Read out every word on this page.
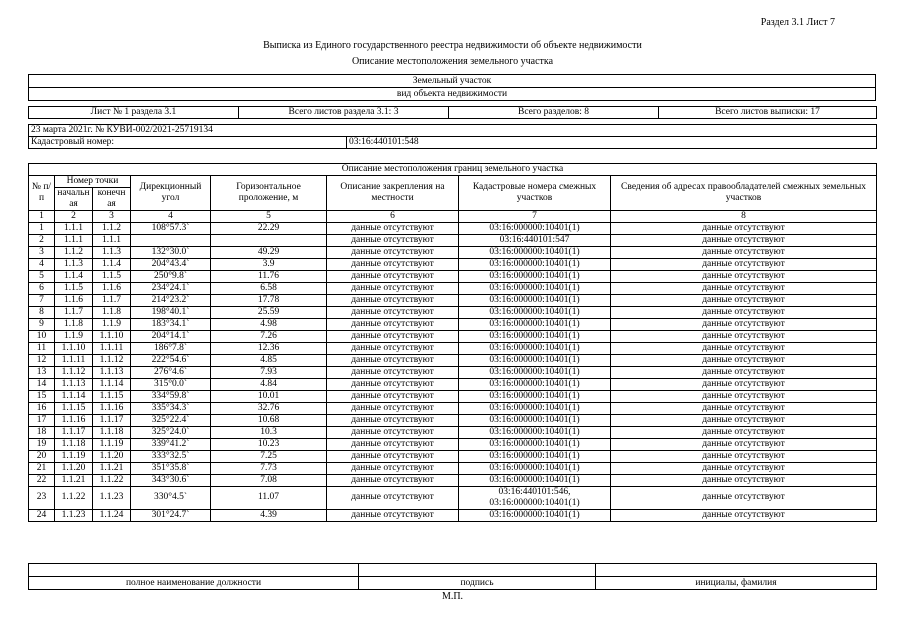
Раздел 3.1 Лист 7
Выписка из Единого государственного реестра недвижимости об объекте недвижимости
Описание местоположения земельного участка
Земельный участок
вид объекта недвижимости
Лист № 1 раздела 3.1	Всего листов раздела 3.1: 3	Всего разделов: 8	Всего листов выписки: 17
23 марта 2021г. № КУВИ-002/2021-25719134
Кадастровый номер:	03:16:440101:548
Описание местоположения границ земельного участка							
№ п/п	Номер точки		Дирекционный угол	Горизонтальное проложение, м	Описание закрепления на местности	Кадастровые номера смежных участков	Сведения об адресах правообладателей смежных земельных участков
	начальн ая	конечн ая					
1	2	3	4	5	6	7	8
1	1.1.1	1.1.2	108°57.3`	22.29	данные отсутствуют	03:16:000000:10401(1)	данные отсутствуют
2	1.1.1	1.1.1			данные отсутствуют	03:16:440101:547	данные отсутствуют
3	1.1.2	1.1.3	132°30.0`	49.29	данные отсутствуют	03:16:000000:10401(1)	данные отсутствуют
4	1.1.3	1.1.4	204°43.4`	3.9	данные отсутствуют	03:16:000000:10401(1)	данные отсутствуют
5	1.1.4	1.1.5	250°9.8`	11.76	данные отсутствуют	03:16:000000:10401(1)	данные отсутствуют
6	1.1.5	1.1.6	234°24.1`	6.58	данные отсутствуют	03:16:000000:10401(1)	данные отсутствуют
7	1.1.6	1.1.7	214°23.2`	17.78	данные отсутствуют	03:16:000000:10401(1)	данные отсутствуют
8	1.1.7	1.1.8	198°40.1`	25.59	данные отсутствуют	03:16:000000:10401(1)	данные отсутствуют
9	1.1.8	1.1.9	183°34.1`	4.98	данные отсутствуют	03:16:000000:10401(1)	данные отсутствуют
10	1.1.9	1.1.10	204°14.1`	7.26	данные отсутствуют	03:16:000000:10401(1)	данные отсутствуют
11	1.1.10	1.1.11	186°7.8`	12.36	данные отсутствуют	03:16:000000:10401(1)	данные отсутствуют
12	1.1.11	1.1.12	222°54.6`	4.85	данные отсутствуют	03:16:000000:10401(1)	данные отсутствуют
13	1.1.12	1.1.13	276°4.6`	7.93	данные отсутствуют	03:16:000000:10401(1)	данные отсутствуют
14	1.1.13	1.1.14	315°0.0`	4.84	данные отсутствуют	03:16:000000:10401(1)	данные отсутствуют
15	1.1.14	1.1.15	334°59.8`	10.01	данные отсутствуют	03:16:000000:10401(1)	данные отсутствуют
16	1.1.15	1.1.16	335°34.3`	32.76	данные отсутствуют	03:16:000000:10401(1)	данные отсутствуют
17	1.1.16	1.1.17	325°22.4`	10.68	данные отсутствуют	03:16:000000:10401(1)	данные отсутствуют
18	1.1.17	1.1.18	325°24.0`	10.3	данные отсутствуют	03:16:000000:10401(1)	данные отсутствуют
19	1.1.18	1.1.19	339°41.2`	10.23	данные отсутствуют	03:16:000000:10401(1)	данные отсутствуют
20	1.1.19	1.1.20	333°32.5`	7.25	данные отсутствуют	03:16:000000:10401(1)	данные отсутствуют
21	1.1.20	1.1.21	351°35.8`	7.73	данные отсутствуют	03:16:000000:10401(1)	данные отсутствуют
22	1.1.21	1.1.22	343°30.6`	7.08	данные отсутствуют	03:16:000000:10401(1)	данные отсутствуют
23	1.1.22	1.1.23	330°4.5`	11.07	данные отсутствуют	03:16:440101:546, 03:16:000000:10401(1)	данные отсутствуют
24	1.1.23	1.1.24	301°24.7`	4.39	данные отсутствуют	03:16:000000:10401(1)	данные отсутствуют

полное наименование должности	подпись	инициалы, фамилия
М.П.
